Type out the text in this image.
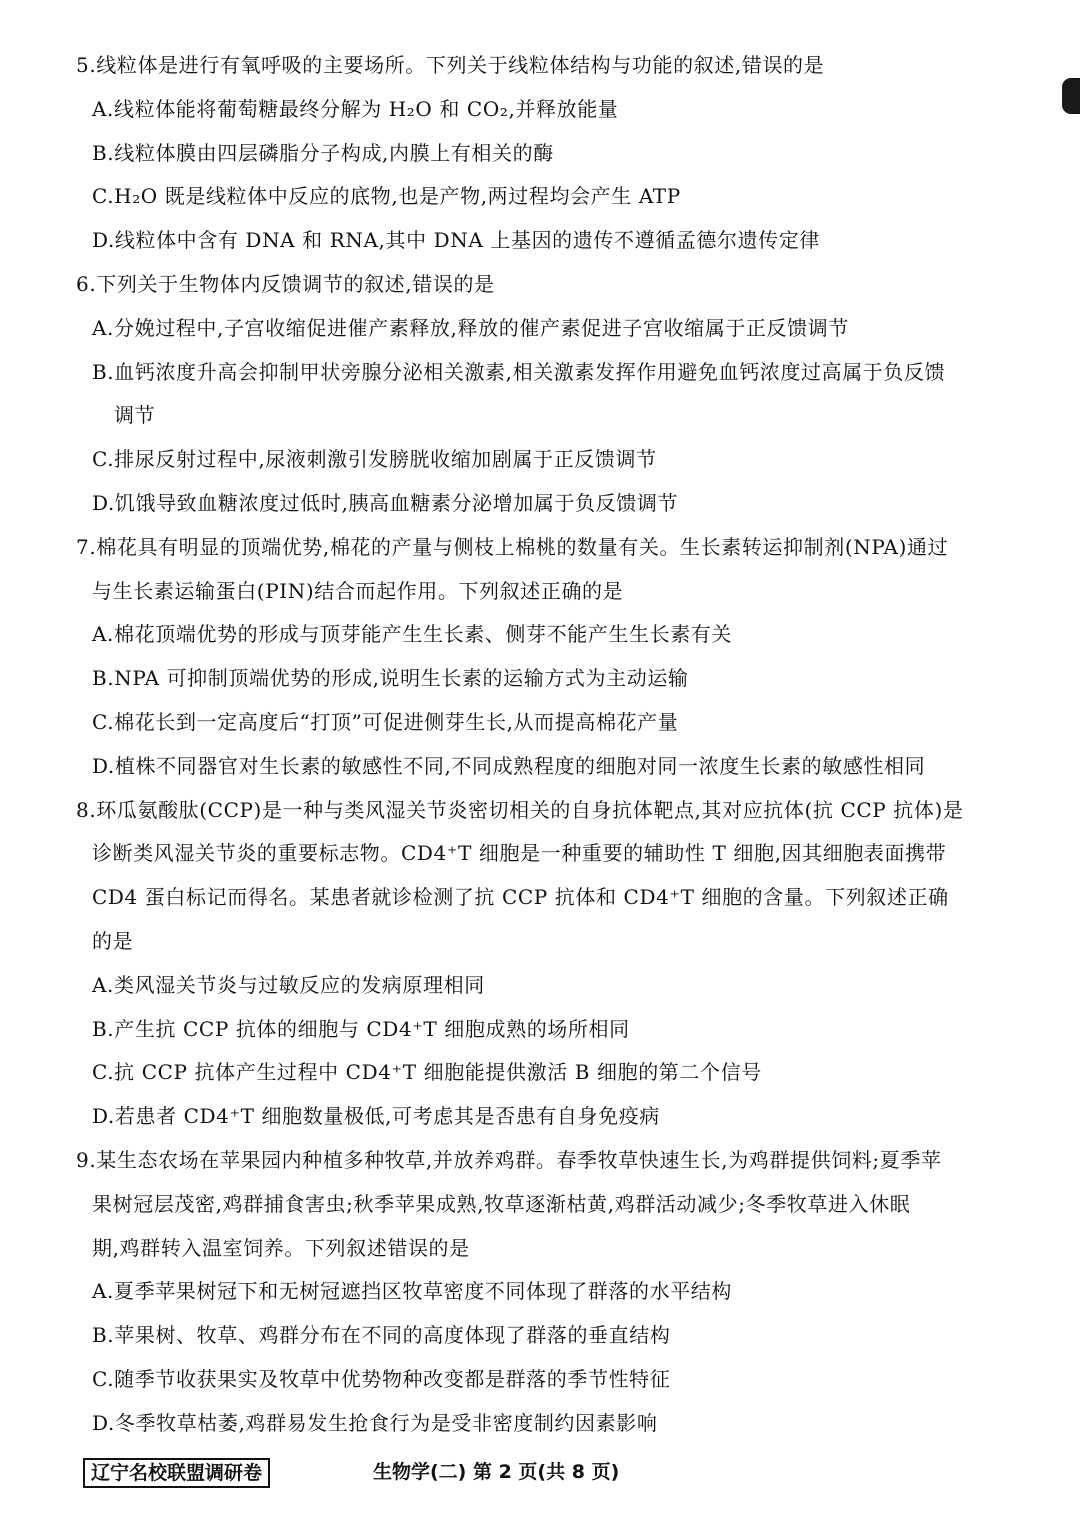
5.线粒体是进行有氧呼吸的主要场所。下列关于线粒体结构与功能的叙述,错误的是
A.线粒体能将葡萄糖最终分解为 H₂O 和 CO₂,并释放能量
B.线粒体膜由四层磷脂分子构成,内膜上有相关的酶
C.H₂O 既是线粒体中反应的底物,也是产物,两过程均会产生 ATP
D.线粒体中含有 DNA 和 RNA,其中 DNA 上基因的遗传不遵循孟德尔遗传定律
6.下列关于生物体内反馈调节的叙述,错误的是
A.分娩过程中,子宫收缩促进催产素释放,释放的催产素促进子宫收缩属于正反馈调节
B.血钙浓度升高会抑制甲状旁腺分泌相关激素,相关激素发挥作用避免血钙浓度过高属于负反馈
调节
C.排尿反射过程中,尿液刺激引发膀胱收缩加剧属于正反馈调节
D.饥饿导致血糖浓度过低时,胰高血糖素分泌增加属于负反馈调节
7.棉花具有明显的顶端优势,棉花的产量与侧枝上棉桃的数量有关。生长素转运抑制剂(NPA)通过
与生长素运输蛋白(PIN)结合而起作用。下列叙述正确的是
A.棉花顶端优势的形成与顶芽能产生生长素、侧芽不能产生生长素有关
B.NPA 可抑制顶端优势的形成,说明生长素的运输方式为主动运输
C.棉花长到一定高度后“打顶”可促进侧芽生长,从而提高棉花产量
D.植株不同器官对生长素的敏感性不同,不同成熟程度的细胞对同一浓度生长素的敏感性相同
8.环瓜氨酸肽(CCP)是一种与类风湿关节炎密切相关的自身抗体靶点,其对应抗体(抗 CCP 抗体)是
诊断类风湿关节炎的重要标志物。CD4⁺T 细胞是一种重要的辅助性 T 细胞,因其细胞表面携带
CD4 蛋白标记而得名。某患者就诊检测了抗 CCP 抗体和 CD4⁺T 细胞的含量。下列叙述正确
的是
A.类风湿关节炎与过敏反应的发病原理相同
B.产生抗 CCP 抗体的细胞与 CD4⁺T 细胞成熟的场所相同
C.抗 CCP 抗体产生过程中 CD4⁺T 细胞能提供激活 B 细胞的第二个信号
D.若患者 CD4⁺T 细胞数量极低,可考虑其是否患有自身免疫病
9.某生态农场在苹果园内种植多种牧草,并放养鸡群。春季牧草快速生长,为鸡群提供饲料;夏季苹
果树冠层茂密,鸡群捕食害虫;秋季苹果成熟,牧草逐渐枯黄,鸡群活动减少;冬季牧草进入休眠
期,鸡群转入温室饲养。下列叙述错误的是
A.夏季苹果树冠下和无树冠遮挡区牧草密度不同体现了群落的水平结构
B.苹果树、牧草、鸡群分布在不同的高度体现了群落的垂直结构
C.随季节收获果实及牧草中优势物种改变都是群落的季节性特征
D.冬季牧草枯萎,鸡群易发生抢食行为是受非密度制约因素影响
辽宁名校联盟调研卷	生物学(二) 第 2 页(共 8 页)
